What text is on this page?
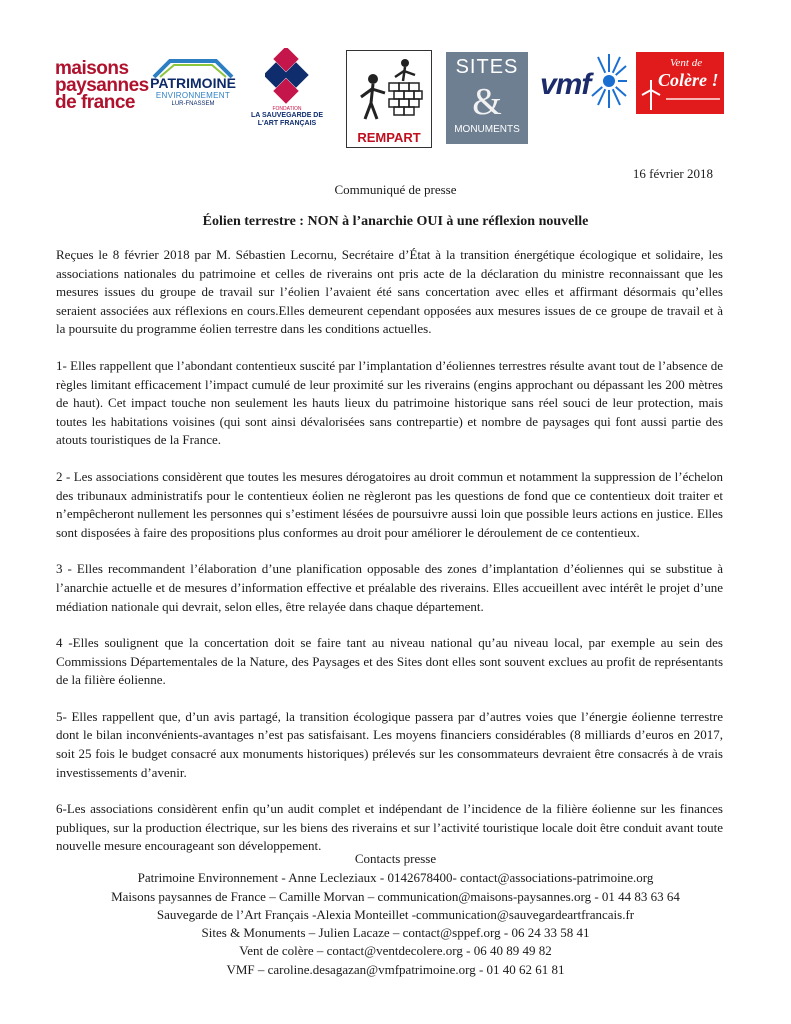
maisons
paysannes
de france
PATRIMOINE
ENVIRONNEMENT
LUR-FNASSEM
FONDATION
LA SAUVEGARDE DE L'ART FRANÇAIS
REMPART
SITES
&
MONUMENTS
vmf
Vent de
Colère !
16 février 2018
Communiqué de presse
Éolien terrestre : NON à l’anarchie OUI à une réflexion nouvelle

Reçues le 8 février 2018 par M. Sébastien Lecornu, Secrétaire d’État à la transition énergétique écologique et solidaire, les associations nationales du patrimoine et celles de riverains ont pris acte de la déclaration du ministre reconnaissant que les mesures issues du groupe de travail sur l’éolien l’avaient été sans concertation avec elles et affirmant désormais qu’elles seraient associées aux réflexions en cours.Elles demeurent cependant opposées aux mesures issues de ce groupe de travail et à la poursuite du programme éolien terrestre dans les conditions actuelles.

1- Elles rappellent que l’abondant contentieux suscité par l’implantation d’éoliennes terrestres résulte avant tout de l’absence de règles limitant efficacement l’impact cumulé de leur proximité sur les riverains (engins approchant ou dépassant les 200 mètres de haut). Cet impact touche non seulement les hauts lieux du patrimoine historique sans réel souci de leur protection, mais toutes les habitations voisines (qui sont ainsi dévalorisées sans contrepartie) et nombre de paysages qui font aussi partie des atouts touristiques de la France.

2 - Les associations considèrent que toutes les mesures dérogatoires au droit commun et notamment la suppression de l’échelon des tribunaux administratifs pour le contentieux éolien ne règleront pas les questions de fond que ce contentieux doit traiter et n’empêcheront nullement les personnes qui s’estiment lésées de poursuivre aussi loin que possible leurs actions en justice. Elles sont disposées à faire des propositions plus conformes au droit pour améliorer le déroulement de ce contentieux.

3 - Elles recommandent l’élaboration d’une planification opposable des zones d’implantation d’éoliennes qui se substitue à l’anarchie actuelle et de mesures d’information effective et préalable des riverains. Elles accueillent avec intérêt le projet d’une médiation nationale qui devrait, selon elles, être relayée dans chaque département.

4 -Elles soulignent que la concertation doit se faire tant au niveau national qu’au niveau local, par exemple au sein des Commissions Départementales de la Nature, des Paysages et des Sites dont elles sont souvent exclues au profit de représentants de la filière éolienne.

5- Elles rappellent que, d’un avis partagé, la transition écologique passera par d’autres voies que l’énergie éolienne terrestre dont le bilan inconvénients-avantages n’est pas satisfaisant. Les moyens financiers considérables (8 milliards d’euros en 2017, soit 25 fois le budget consacré aux monuments historiques) prélevés sur les consommateurs devraient être consacrés à de vrais investissements d’avenir.

6-Les associations considèrent enfin qu’un audit complet et indépendant de l’incidence de la filière éolienne sur les finances publiques, sur la production électrique, sur les biens des riverains et sur l’activité touristique locale doit être conduit avant toute nouvelle mesure encourageant son développement.

Contacts presse
Patrimoine Environnement - Anne Lecleziaux - 0142678400- contact@associations-patrimoine.org
Maisons paysannes de France – Camille Morvan – communication@maisons-paysannes.org - 01 44 83 63 64
Sauvegarde de l’Art Français -Alexia Monteillet -communication@sauvegardeartfrancais.fr
Sites & Monuments – Julien Lacaze – contact@sppef.org - 06 24 33 58 41
Vent de colère – contact@ventdecolere.org - 06 40 89 49 82
VMF – caroline.desagazan@vmfpatrimoine.org - 01 40 62 61 81
